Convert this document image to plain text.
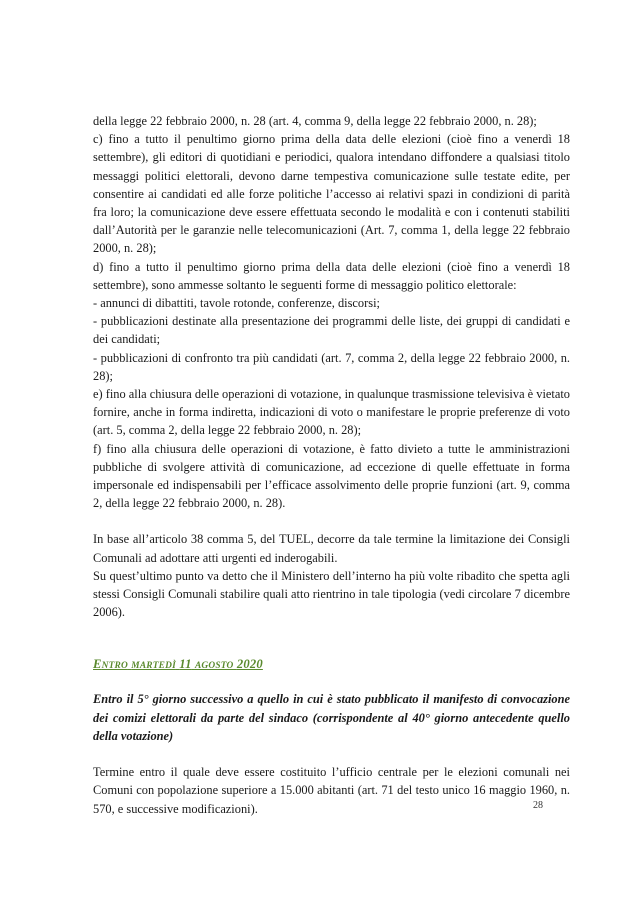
della legge 22 febbraio 2000, n. 28 (art. 4, comma 9, della legge 22 febbraio 2000, n. 28);

c) fino a tutto il penultimo giorno prima della data delle elezioni (cioè fino a venerdì 18 settembre), gli editori di quotidiani e periodici, qualora intendano diffondere a qualsiasi titolo messaggi politici elettorali, devono darne tempestiva comunicazione sulle testate edite, per consentire ai candidati ed alle forze politiche l’accesso ai relativi spazi in condizioni di parità fra loro; la comunicazione deve essere effettuata secondo le modalità e con i contenuti stabiliti dall’Autorità per le garanzie nelle telecomunicazioni (Art. 7, comma 1, della legge 22 febbraio 2000, n. 28);

d) fino a tutto il penultimo giorno prima della data delle elezioni (cioè fino a venerdì 18 settembre), sono ammesse soltanto le seguenti forme di messaggio politico elettorale:

- annunci di dibattiti, tavole rotonde, conferenze, discorsi;

- pubblicazioni destinate alla presentazione dei programmi delle liste, dei gruppi di candidati e dei candidati;

- pubblicazioni di confronto tra più candidati (art. 7, comma 2, della legge 22 febbraio 2000, n. 28);

e) fino alla chiusura delle operazioni di votazione, in qualunque trasmissione televisiva è vietato fornire, anche in forma indiretta, indicazioni di voto o manifestare le proprie preferenze di voto (art. 5, comma 2, della legge 22 febbraio 2000, n. 28);

f) fino alla chiusura delle operazioni di votazione, è fatto divieto a tutte le amministrazioni pubbliche di svolgere attività di comunicazione, ad eccezione di quelle effettuate in forma impersonale ed indispensabili per l’efficace assolvimento delle proprie funzioni (art. 9, comma 2, della legge 22 febbraio 2000, n. 28).

In base all’articolo 38 comma 5, del TUEL, decorre da tale termine la limitazione dei Consigli Comunali ad adottare atti urgenti ed inderogabili.

Su quest’ultimo punto va detto che il Ministero dell’interno ha più volte ribadito che spetta agli stessi Consigli Comunali stabilire quali atto rientrino in tale tipologia (vedi circolare 7 dicembre 2006).

ENTRO MARTEDÌ 11 AGOSTO 2020

Entro il 5° giorno successivo a quello in cui è stato pubblicato il manifesto di convocazione dei comizi elettorali da parte del sindaco (corrispondente al 40° giorno antecedente quello della votazione)

Termine entro il quale deve essere costituito l’ufficio centrale per le elezioni comunali nei Comuni con popolazione superiore a 15.000 abitanti (art. 71 del testo unico 16 maggio 1960, n. 570, e successive modificazioni).	28
